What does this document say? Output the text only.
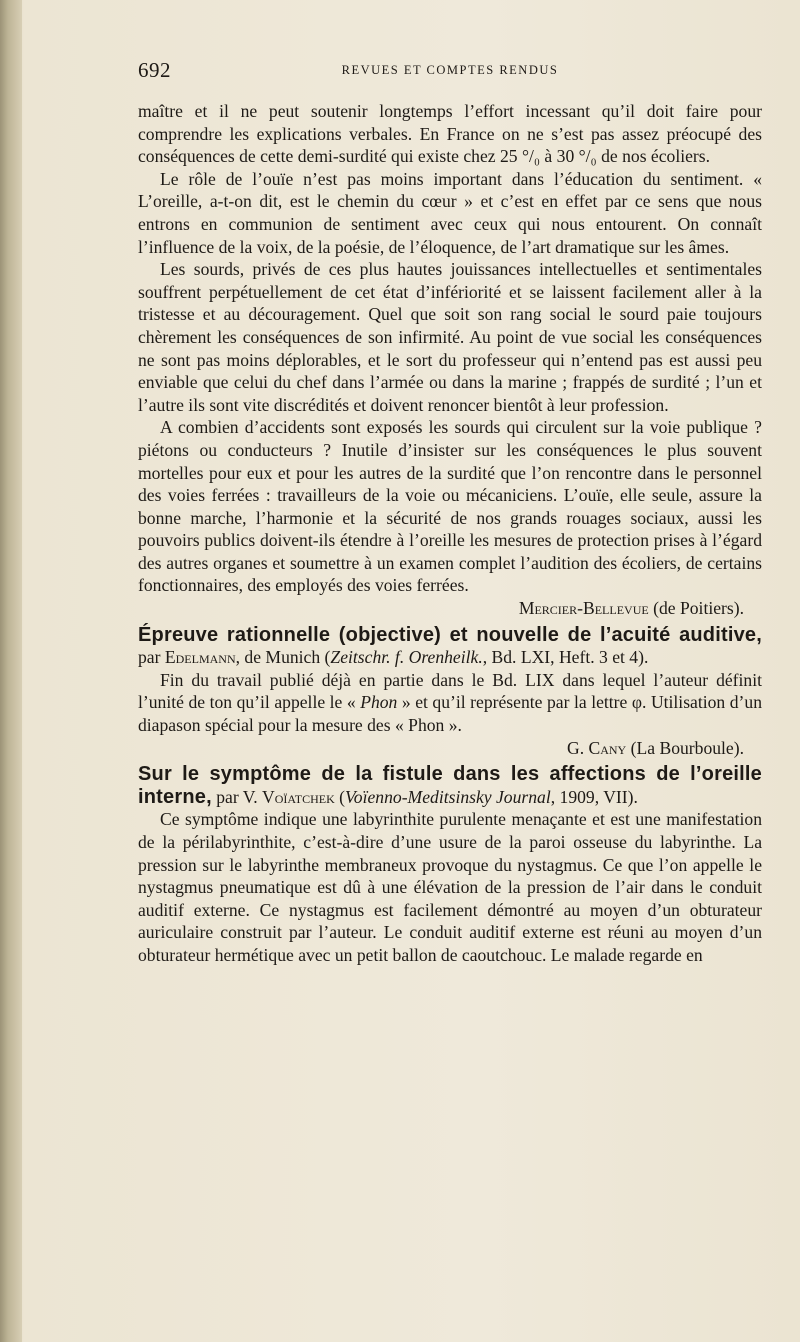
692	REVUES ET COMPTES RENDUS

maître et il ne peut soutenir longtemps l’effort incessant qu’il doit faire pour comprendre les explications verbales. En France on ne s’est pas assez préocupé des conséquences de cette demi-surdité qui existe chez 25 °/₀ à 30 °/₀ de nos écoliers.

Le rôle de l’ouïe n’est pas moins important dans l’éducation du sentiment. « L’oreille, a-t-on dit, est le chemin du cœur » et c’est en effet par ce sens que nous entrons en communion de sentiment avec ceux qui nous entourent. On connaît l’influence de la voix, de la poésie, de l’éloquence, de l’art dramatique sur les âmes.

Les sourds, privés de ces plus hautes jouissances intellectuelles et sentimentales souffrent perpétuellement de cet état d’infériorité et se laissent facilement aller à la tristesse et au découragement. Quel que soit son rang social le sourd paie toujours chèrement les conséquences de son infirmité. Au point de vue social les conséquences ne sont pas moins déplorables, et le sort du professeur qui n’entend pas est aussi peu enviable que celui du chef dans l’armée ou dans la marine ; frappés de surdité ; l’un et l’autre ils sont vite discrédités et doivent renoncer bientôt à leur profession.

A combien d’accidents sont exposés les sourds qui circulent sur la voie publique ? piétons ou conducteurs ? Inutile d’insister sur les conséquences le plus souvent mortelles pour eux et pour les autres de la surdité que l’on rencontre dans le personnel des voies ferrées : travailleurs de la voie ou mécaniciens. L’ouïe, elle seule, assure la bonne marche, l’harmonie et la sécurité de nos grands rouages sociaux, aussi les pouvoirs publics doivent-ils étendre à l’oreille les mesures de protection prises à l’égard des autres organes et soumettre à un examen complet l’audition des écoliers, de certains fonctionnaires, des employés des voies ferrées.

Mercier-Bellevue (de Poitiers).

Épreuve rationnelle (objective) et nouvelle de l’acuité auditive, par Edelmann, de Munich (Zeitschr. f. Orenheilk., Bd. LXI, Heft. 3 et 4).

Fin du travail publié déjà en partie dans le Bd. LIX dans lequel l’auteur définit l’unité de ton qu’il appelle le « Phon » et qu’il représente par la lettre φ. Utilisation d’un diapason spécial pour la mesure des « Phon ».

G. Cany (La Bourboule).

Sur le symptôme de la fistule dans les affections de l’oreille interne, par V. Voïatchek (Voïenno-Meditsinsky Journal, 1909, VII).

Ce symptôme indique une labyrinthite purulente menaçante et est une manifestation de la périlabyrinthite, c’est-à-dire d’une usure de la paroi osseuse du labyrinthe. La pression sur le labyrinthe membraneux provoque du nystagmus. Ce que l’on appelle le nystagmus pneumatique est dû à une élévation de la pression de l’air dans le conduit auditif externe. Ce nystagmus est facilement démontré au moyen d’un obturateur auriculaire construit par l’auteur. Le conduit auditif externe est réuni au moyen d’un obturateur hermétique avec un petit ballon de caoutchouc. Le malade regarde en
